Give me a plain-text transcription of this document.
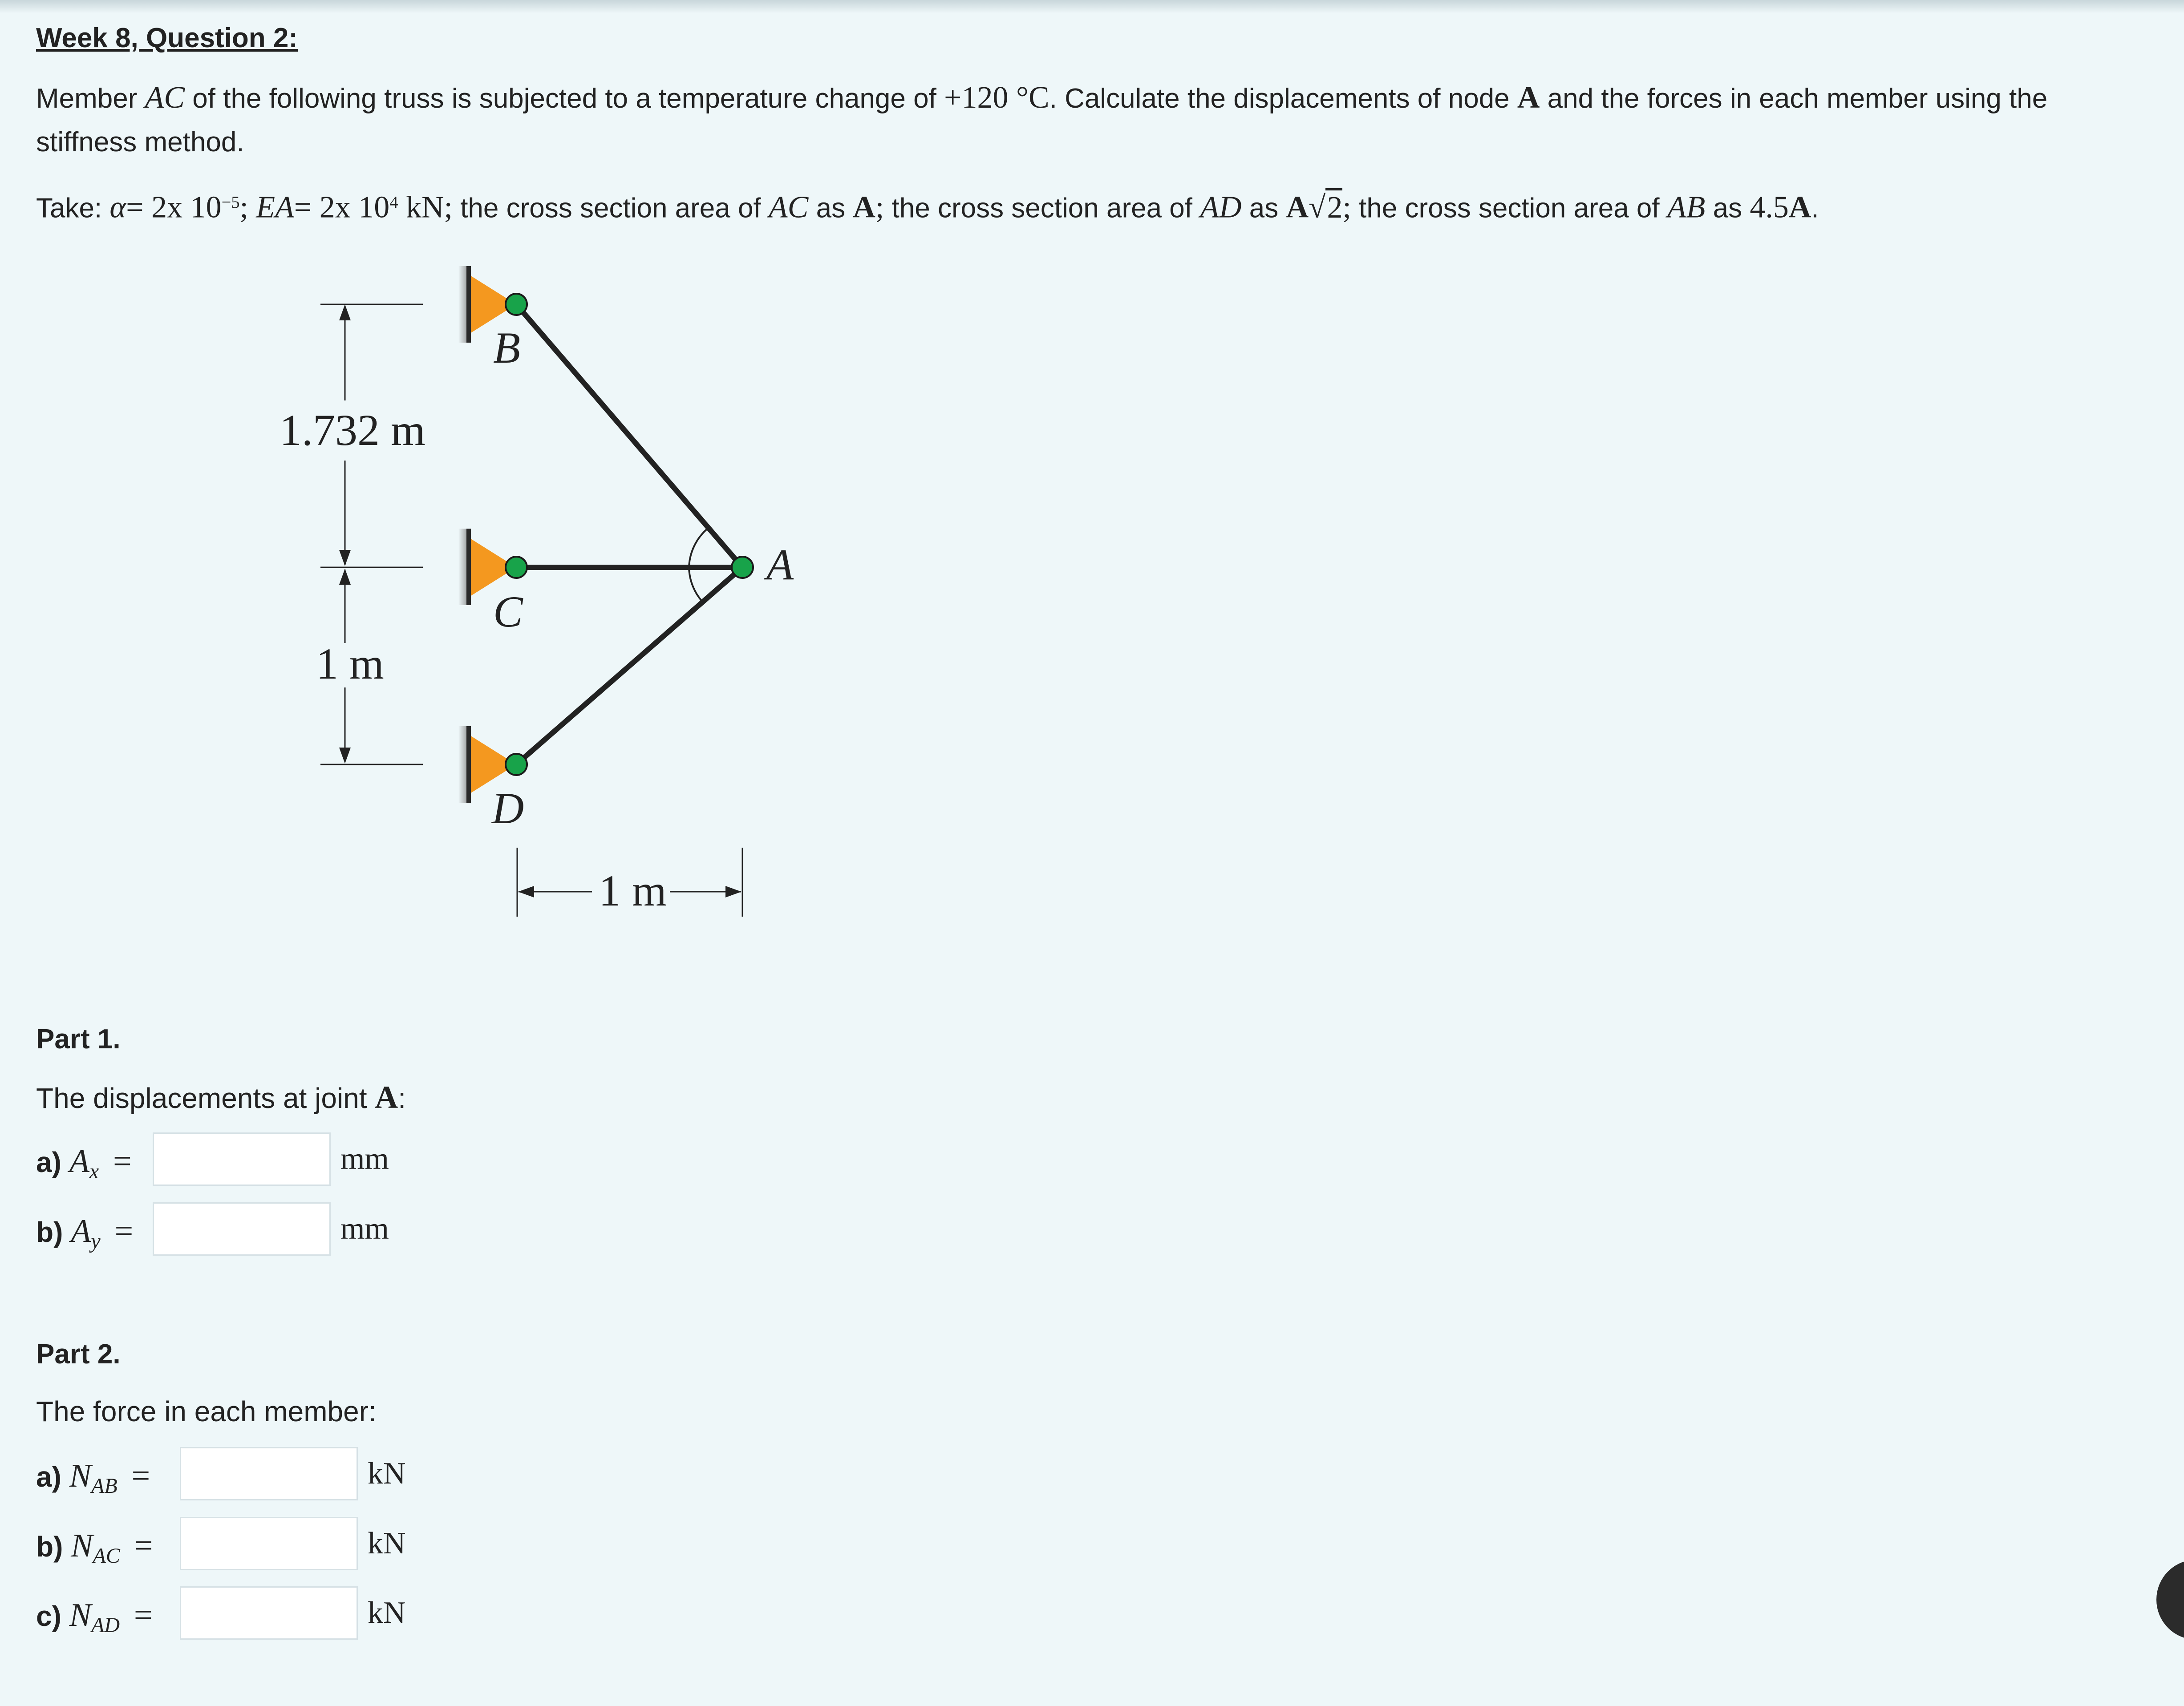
Week 8, Question 2:
Member AC of the following truss is subjected to a temperature change of +120 °C. Calculate the displacements of node A and the forces in each member using the
stiffness method.
Take: α= 2x $10^{-5}$; EA= 2x $10^4$ kN; the cross section area of AC as A; the cross section area of AD as A√2; the cross section area of AB as 4.5A.
1.732 m
1 m
1 m
B
C
D
A
Part 1.
The displacements at joint A:
a) $A_x$ =	mm
b) $A_y$ =	mm
Part 2.
The force in each member:
a) $N_{AB}$ =	kN
b) $N_{AC}$ =	kN
c) $N_{AD}$ =	kN
